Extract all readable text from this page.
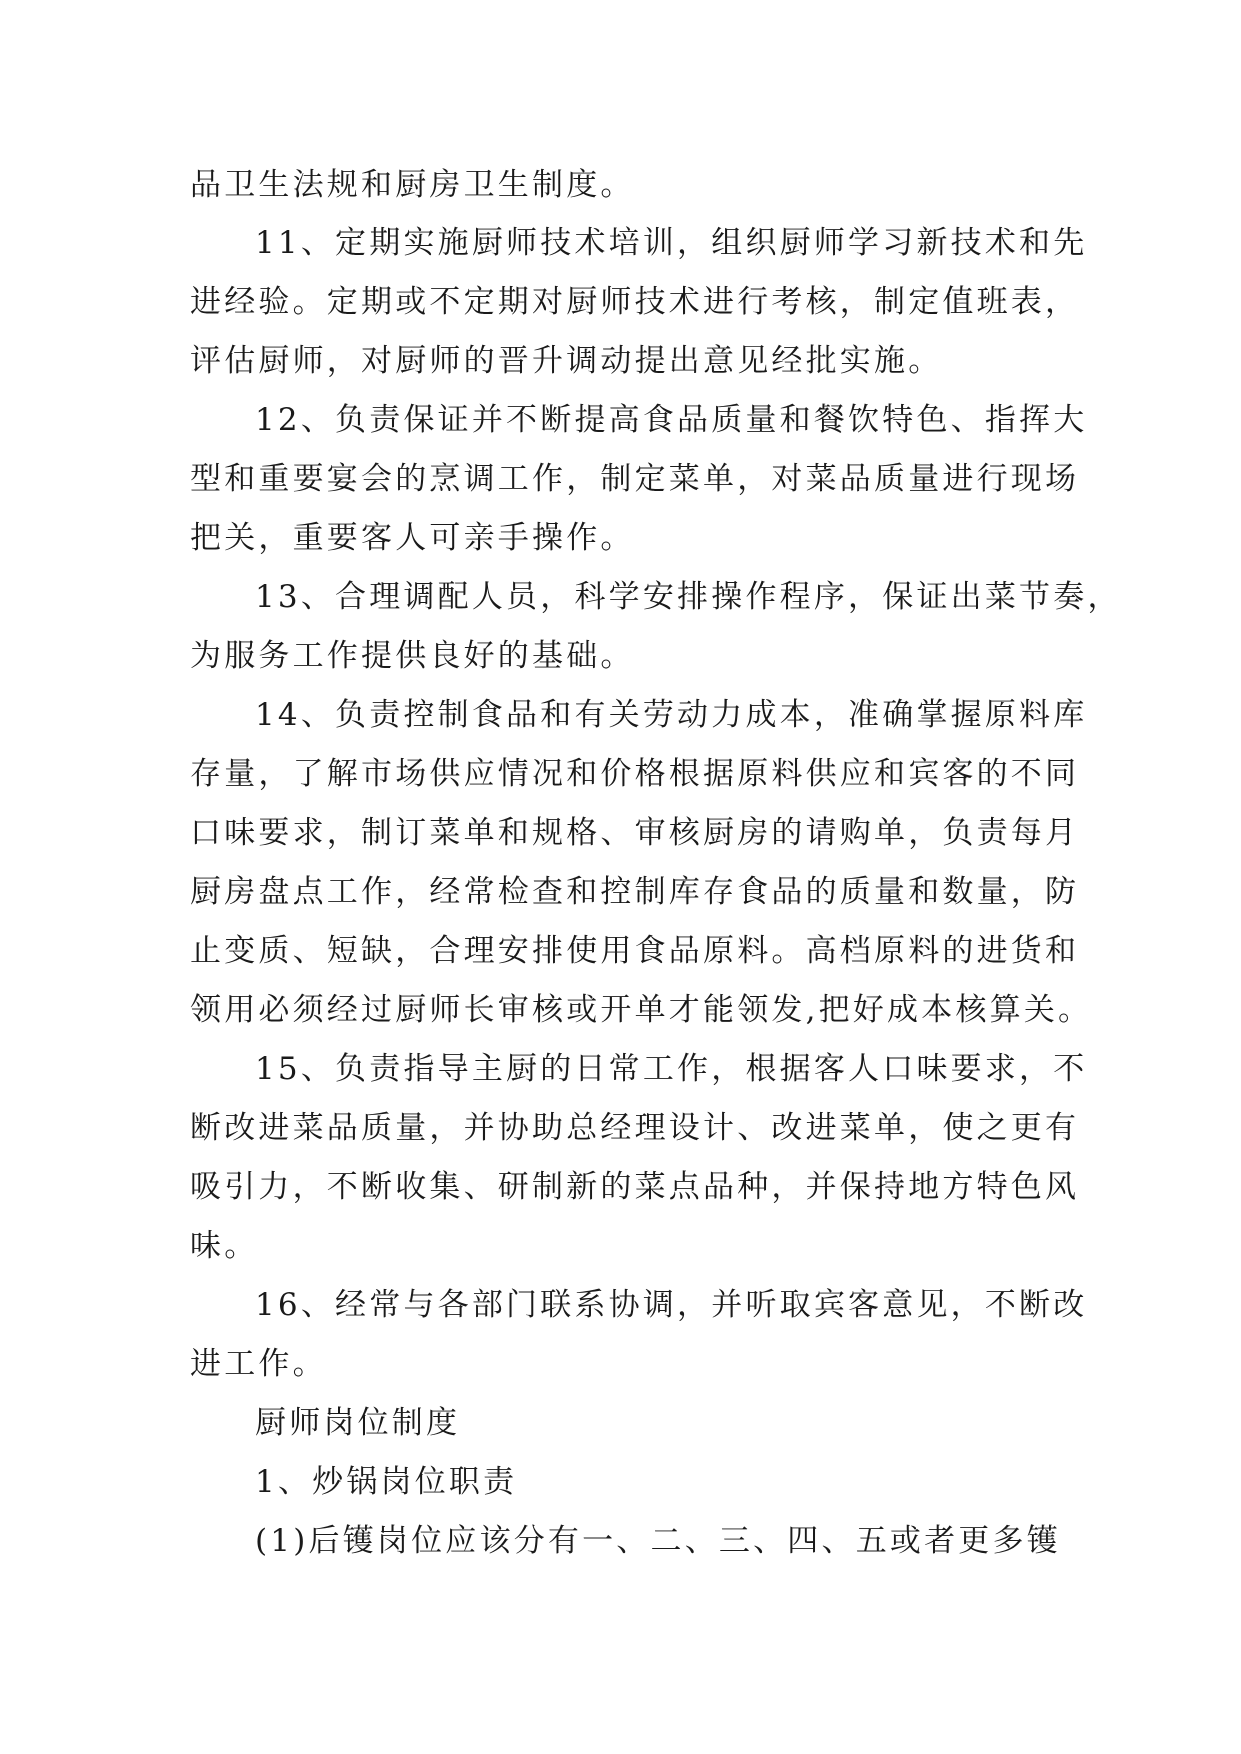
品卫生法规和厨房卫生制度。
11、定期实施厨师技术培训，组织厨师学习新技术和先
进经验。定期或不定期对厨师技术进行考核，制定值班表，
评估厨师，对厨师的晋升调动提出意见经批实施。
12、负责保证并不断提高食品质量和餐饮特色、指挥大
型和重要宴会的烹调工作，制定菜单，对菜品质量进行现场
把关，重要客人可亲手操作。
13、合理调配人员，科学安排操作程序，保证出菜节奏，
为服务工作提供良好的基础。
14、负责控制食品和有关劳动力成本，准确掌握原料库
存量，了解市场供应情况和价格根据原料供应和宾客的不同
口味要求，制订菜单和规格、审核厨房的请购单，负责每月
厨房盘点工作，经常检查和控制库存食品的质量和数量，防
止变质、短缺，合理安排使用食品原料。高档原料的进货和
领用必须经过厨师长审核或开单才能领发,把好成本核算关。
15、负责指导主厨的日常工作，根据客人口味要求，不
断改进菜品质量，并协助总经理设计、改进菜单，使之更有
吸引力，不断收集、研制新的菜点品种，并保持地方特色风
味。
16、经常与各部门联系协调，并听取宾客意见，不断改
进工作。
厨师岗位制度
1、炒锅岗位职责
(1)后镬岗位应该分有一、二、三、四、五或者更多镬
